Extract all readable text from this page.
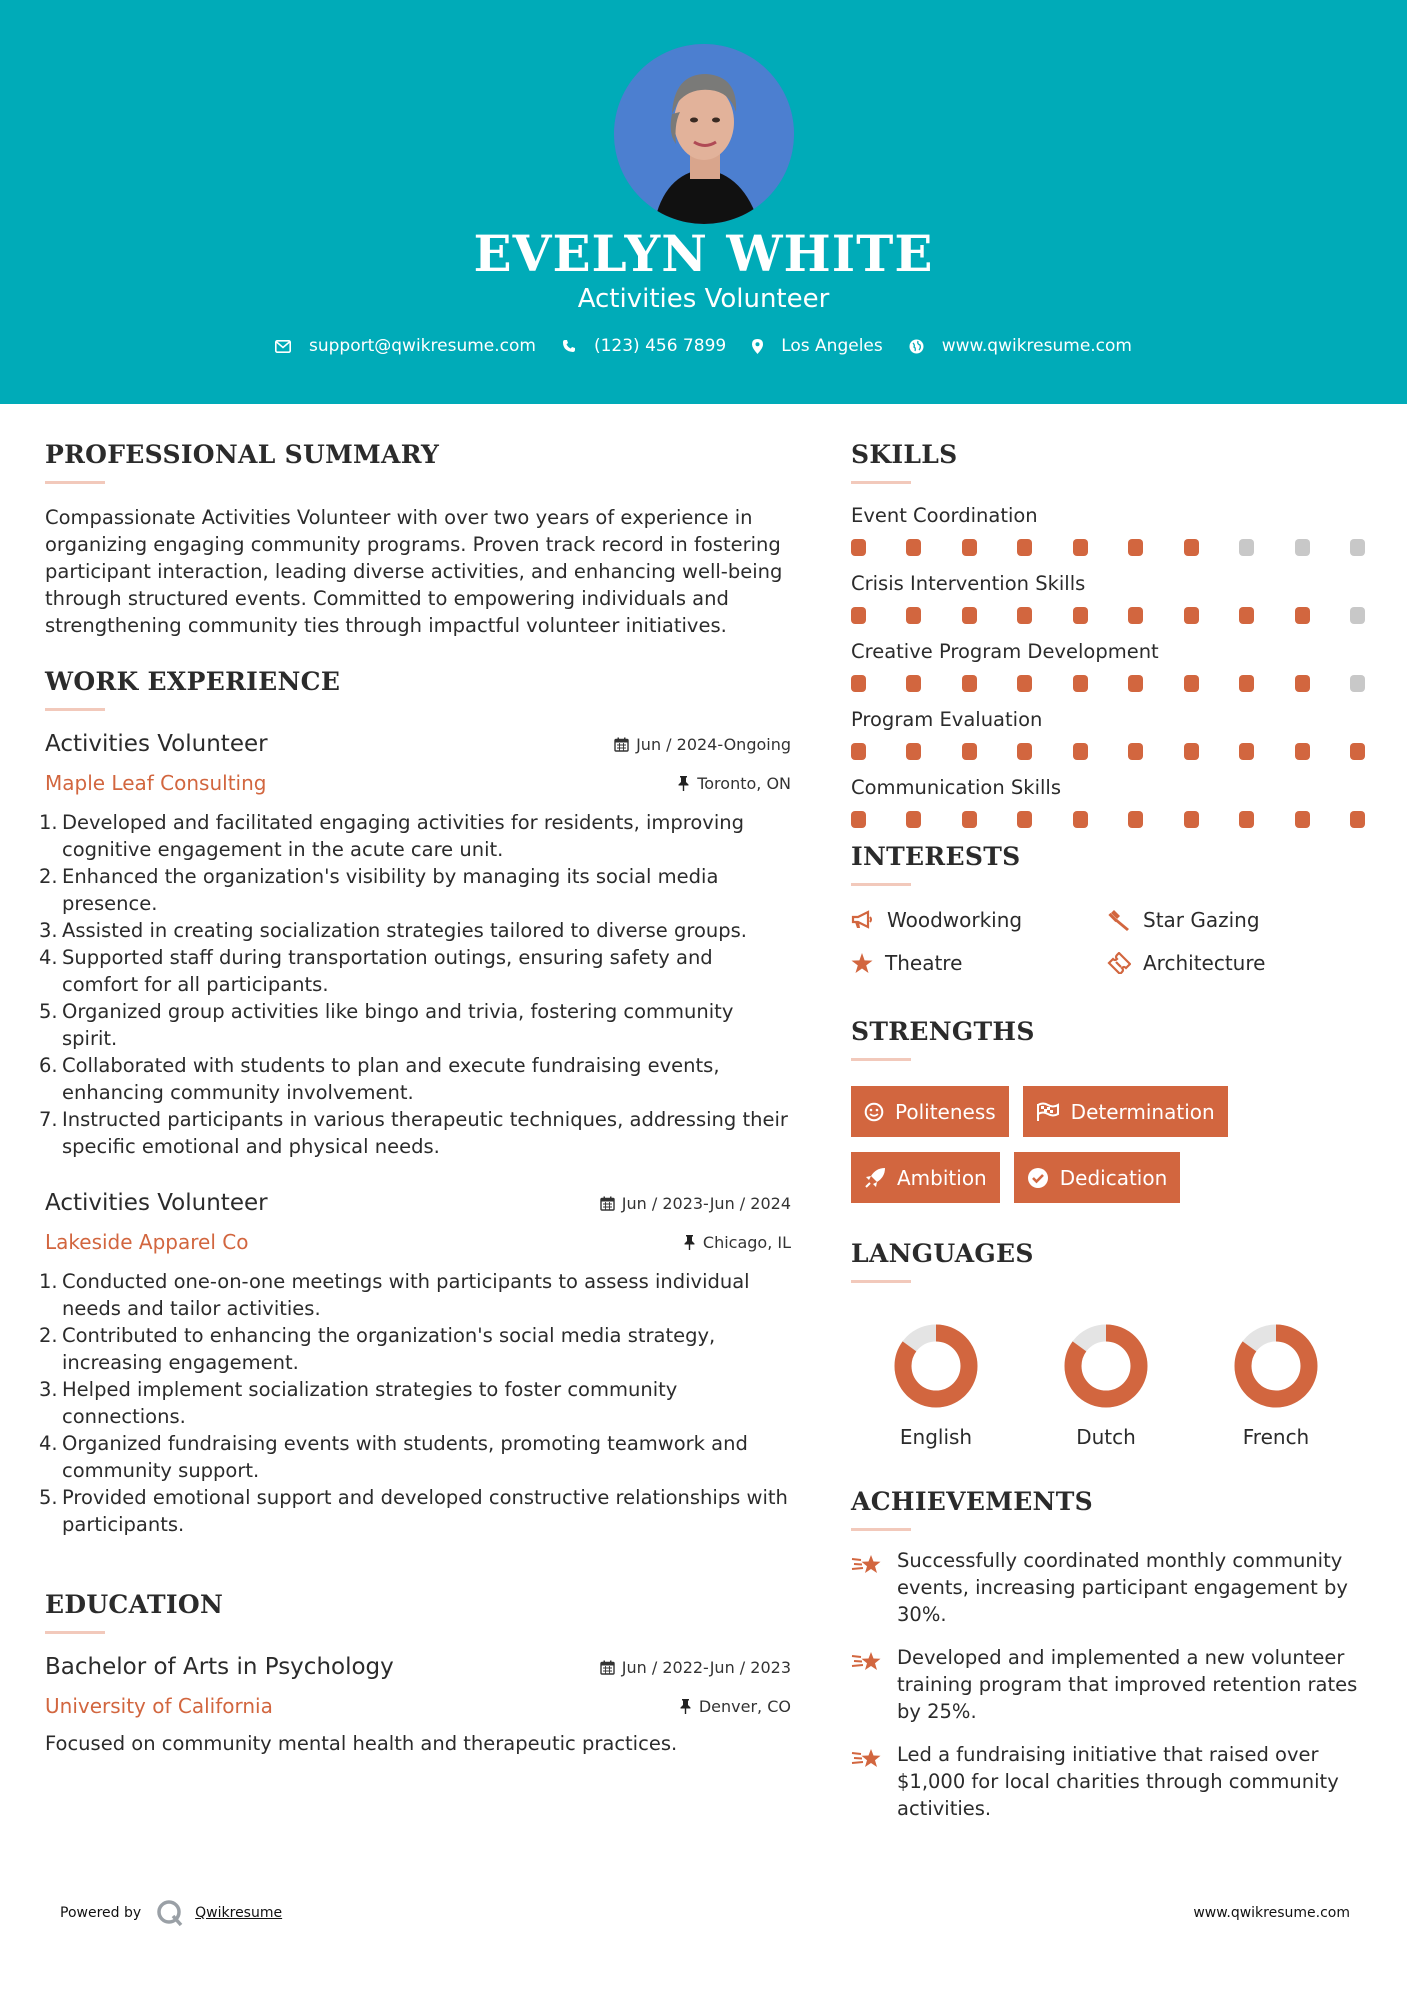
EVELYN WHITE
Activities Volunteer
support@qwikresume.com	(123) 456 7899	Los Angeles	www.qwikresume.com
PROFESSIONAL SUMMARY
Compassionate Activities Volunteer with over two years of experience in organizing engaging community programs. Proven track record in fostering participant interaction, leading diverse activities, and enhancing well-being through structured events. Committed to empowering individuals and strengthening community ties through impactful volunteer initiatives.
WORK EXPERIENCE
Activities Volunteer	Jun / 2024-Ongoing
Maple Leaf Consulting	Toronto, ON
1. Developed and facilitated engaging activities for residents, improving cognitive engagement in the acute care unit.
2. Enhanced the organization's visibility by managing its social media presence.
3. Assisted in creating socialization strategies tailored to diverse groups.
4. Supported staff during transportation outings, ensuring safety and comfort for all participants.
5. Organized group activities like bingo and trivia, fostering community spirit.
6. Collaborated with students to plan and execute fundraising events, enhancing community involvement.
7. Instructed participants in various therapeutic techniques, addressing their specific emotional and physical needs.
Activities Volunteer	Jun / 2023-Jun / 2024
Lakeside Apparel Co	Chicago, IL
1. Conducted one-on-one meetings with participants to assess individual needs and tailor activities.
2. Contributed to enhancing the organization's social media strategy, increasing engagement.
3. Helped implement socialization strategies to foster community connections.
4. Organized fundraising events with students, promoting teamwork and community support.
5. Provided emotional support and developed constructive relationships with participants.
EDUCATION
Bachelor of Arts in Psychology	Jun / 2022-Jun / 2023
University of California	Denver, CO
Focused on community mental health and therapeutic practices.
SKILLS
Event Coordination
Crisis Intervention Skills
Creative Program Development
Program Evaluation
Communication Skills
INTERESTS
Woodworking	Star Gazing
Theatre	Architecture
STRENGTHS
Politeness	Determination
Ambition	Dedication
LANGUAGES
English	Dutch	French
ACHIEVEMENTS
Successfully coordinated monthly community events, increasing participant engagement by 30%.
Developed and implemented a new volunteer training program that improved retention rates by 25%.
Led a fundraising initiative that raised over $1,000 for local charities through community activities.
Powered by	Qwikresume	www.qwikresume.com
